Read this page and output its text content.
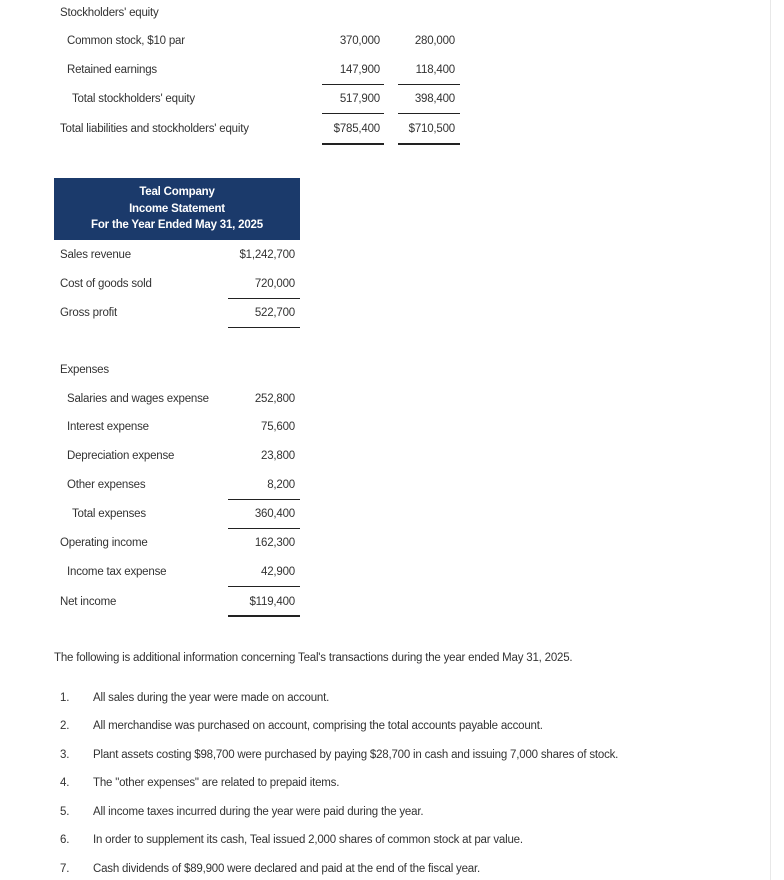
Stockholders' equity
Common stock, $10 par	370,000	280,000
Retained earnings	147,900	118,400
Total stockholders' equity	517,900	398,400
Total liabilities and stockholders' equity	$785,400	$710,500
Teal Company
Income Statement
For the Year Ended May 31, 2025
Sales revenue	$1,242,700
Cost of goods sold	720,000
Gross profit	522,700
Expenses
Salaries and wages expense	252,800
Interest expense	75,600
Depreciation expense	23,800
Other expenses	8,200
Total expenses	360,400
Operating income	162,300
Income tax expense	42,900
Net income	$119,400
The following is additional information concerning Teal's transactions during the year ended May 31, 2025.
1.	All sales during the year were made on account.
2.	All merchandise was purchased on account, comprising the total accounts payable account.
3.	Plant assets costing $98,700 were purchased by paying $28,700 in cash and issuing 7,000 shares of stock.
4.	The "other expenses" are related to prepaid items.
5.	All income taxes incurred during the year were paid during the year.
6.	In order to supplement its cash, Teal issued 2,000 shares of common stock at par value.
7.	Cash dividends of $89,900 were declared and paid at the end of the fiscal year.
